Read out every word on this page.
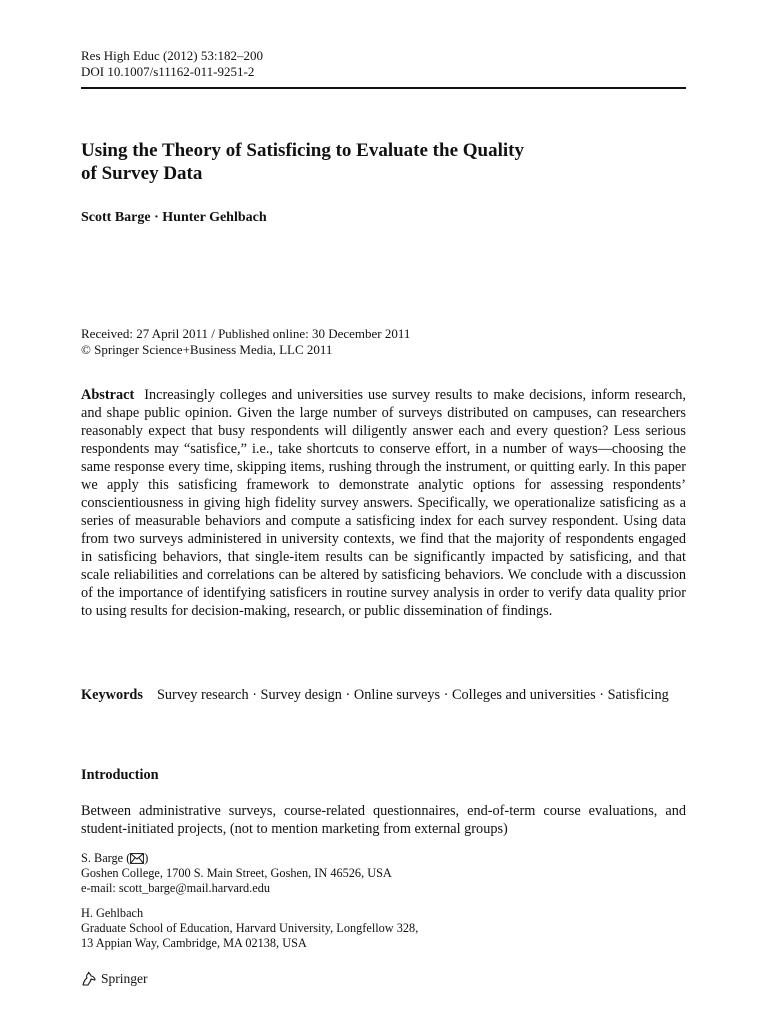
Res High Educ (2012) 53:182–200
DOI 10.1007/s11162-011-9251-2
Using the Theory of Satisficing to Evaluate the Quality
of Survey Data
Scott Barge · Hunter Gehlbach
Received: 27 April 2011 / Published online: 30 December 2011
© Springer Science+Business Media, LLC 2011

Abstract Increasingly colleges and universities use survey results to make decisions, inform research, and shape public opinion. Given the large number of surveys distributed on campuses, can researchers reasonably expect that busy respondents will diligently answer each and every question? Less serious respondents may “satisfice,” i.e., take shortcuts to conserve effort, in a number of ways—choosing the same response every time, skipping items, rushing through the instrument, or quitting early. In this paper we apply this satisficing framework to demonstrate analytic options for assessing respondents’ conscientiousness in giving high fidelity survey answers. Specifically, we operationalize satisficing as a series of measurable behaviors and compute a satisficing index for each survey respondent. Using data from two surveys administered in university contexts, we find that the majority of respondents engaged in satisficing behaviors, that single-item results can be significantly impacted by satisficing, and that scale reliabilities and correlations can be altered by satisficing behaviors. We conclude with a discussion of the importance of identifying satisficers in routine survey analysis in order to verify data quality prior to using results for decision-making, research, or public dissemination of findings.

Keywords Survey research · Survey design · Online surveys · Colleges and universities · Satisficing

Introduction

Between administrative surveys, course-related questionnaires, end-of-term course evaluations, and student-initiated projects, (not to mention marketing from external groups)

S. Barge ( )
Goshen College, 1700 S. Main Street, Goshen, IN 46526, USA
e-mail: scott_barge@mail.harvard.edu
H. Gehlbach
Graduate School of Education, Harvard University, Longfellow 328,
13 Appian Way, Cambridge, MA 02138, USA
Springer
